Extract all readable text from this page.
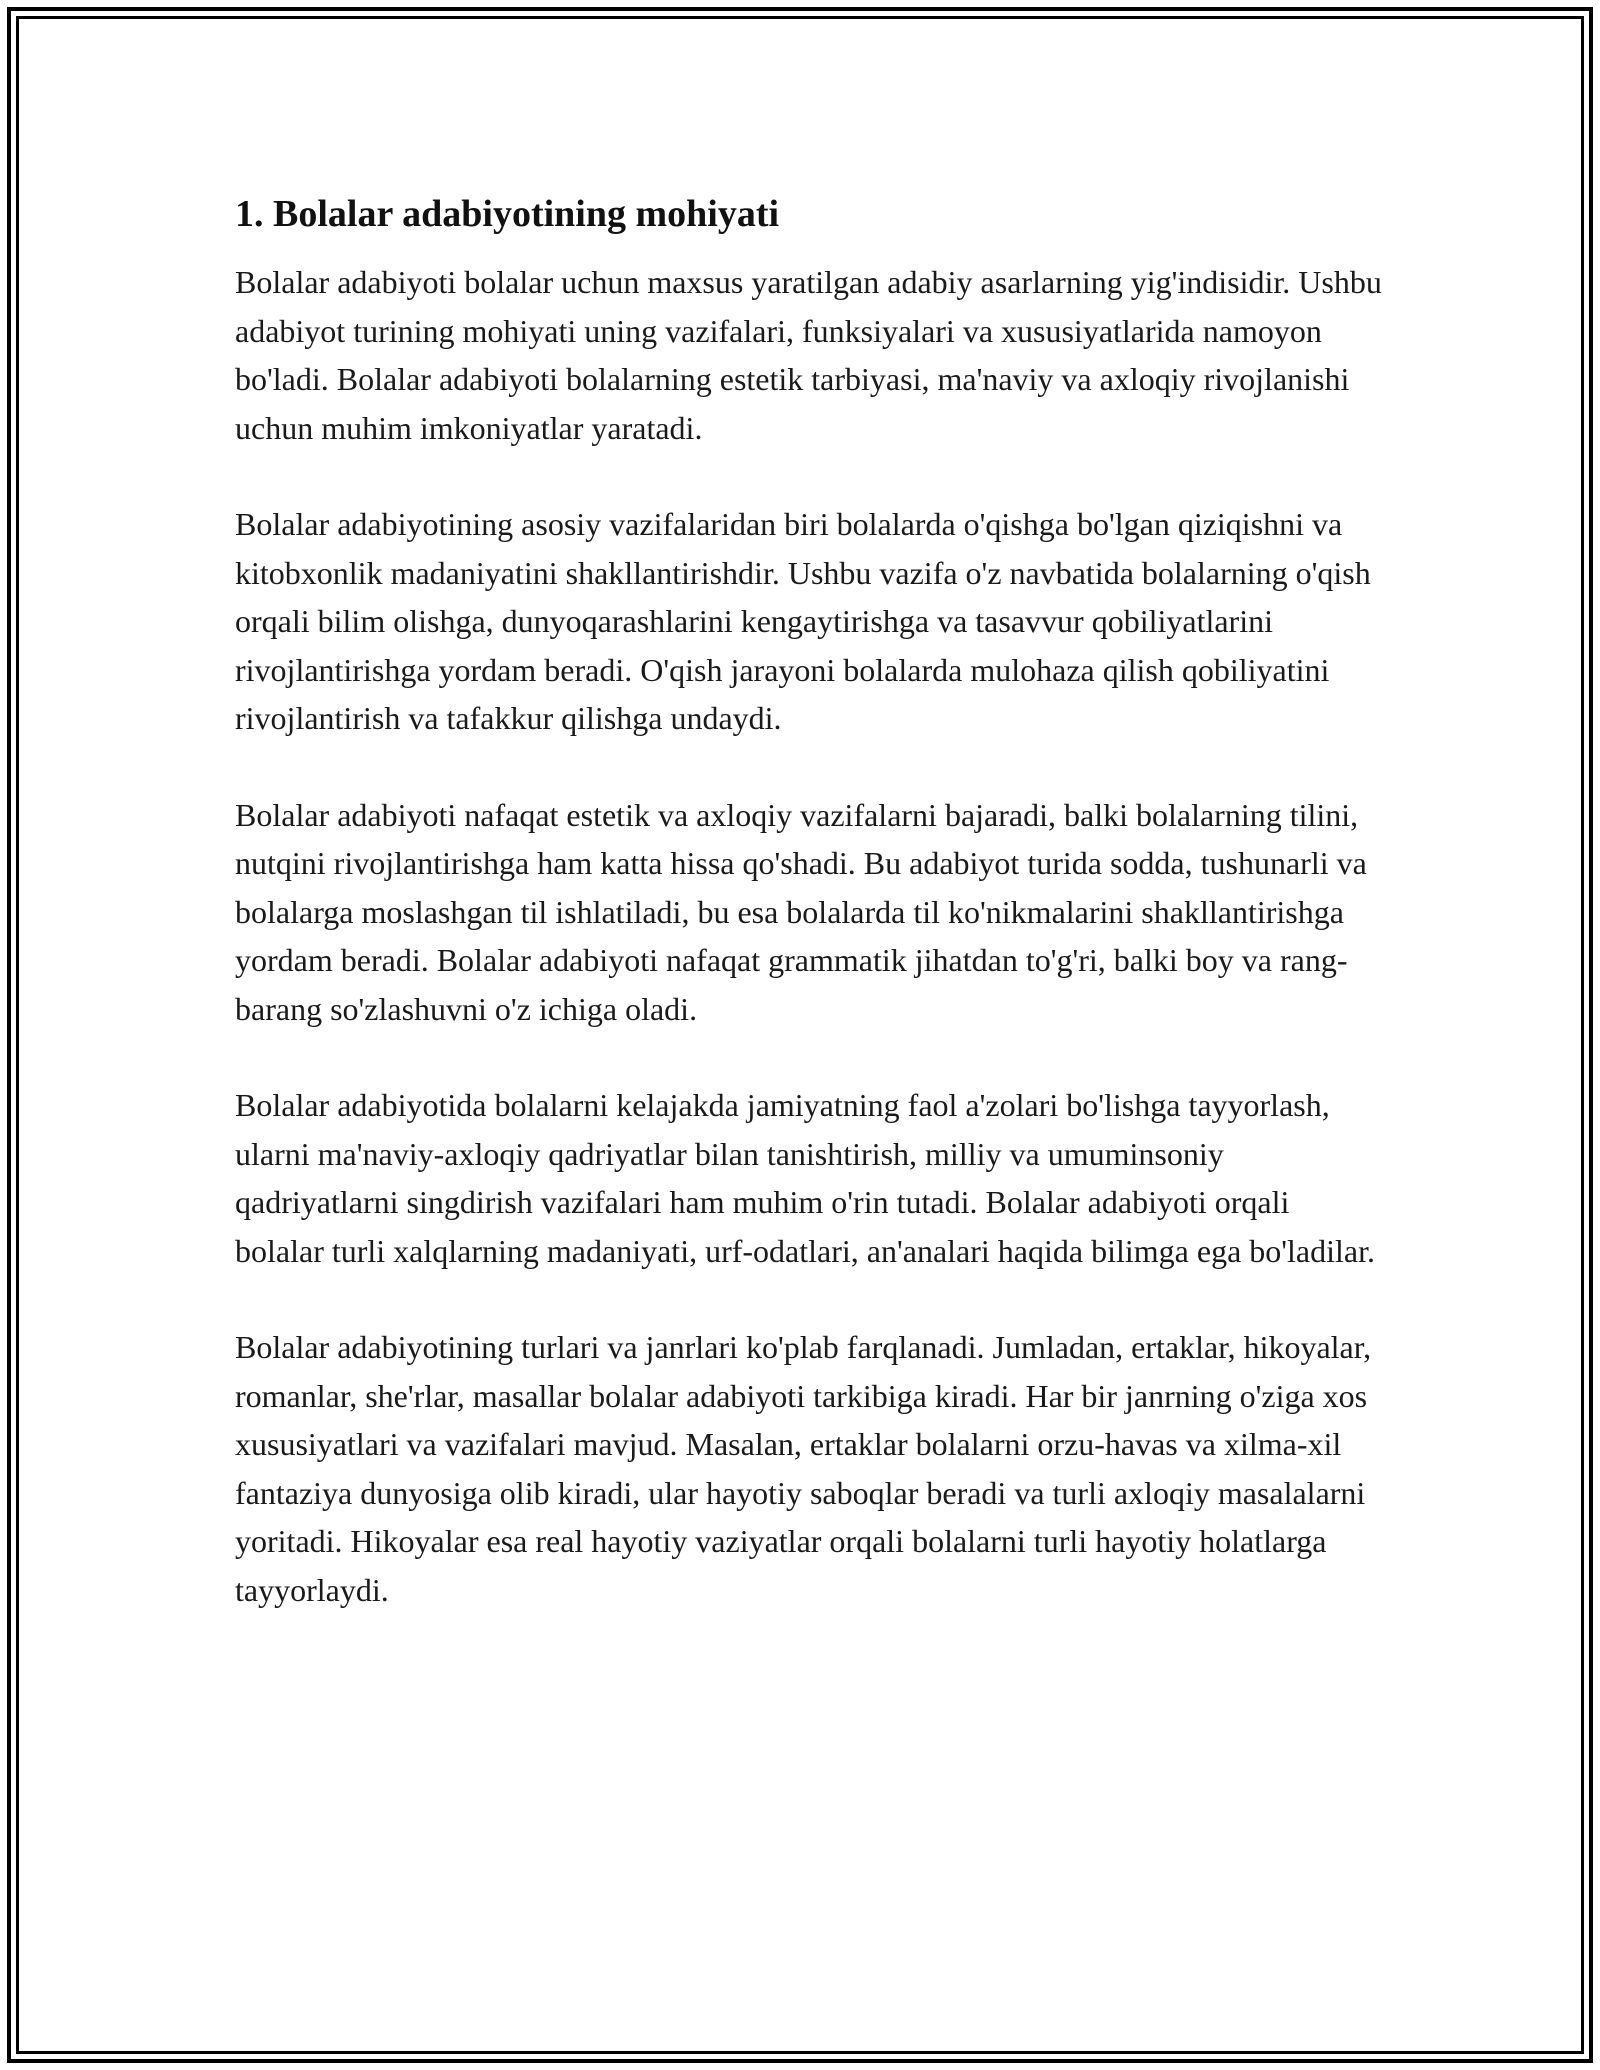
1. Bolalar adabiyotining mohiyati

Bolalar adabiyoti bolalar uchun maxsus yaratilgan adabiy asarlarning yig'indisidir. Ushbu adabiyot turining mohiyati uning vazifalari, funksiyalari va xususiyatlarida namoyon bo'ladi. Bolalar adabiyoti bolalarning estetik tarbiyasi, ma'naviy va axloqiy rivojlanishi uchun muhim imkoniyatlar yaratadi.

Bolalar adabiyotining asosiy vazifalaridan biri bolalarda o'qishga bo'lgan qiziqishni va kitobxonlik madaniyatini shakllantirishdir. Ushbu vazifa o'z navbatida bolalarning o'qish orqali bilim olishga, dunyoqarashlarini kengaytirishga va tasavvur qobiliyatlarini rivojlantirishga yordam beradi. O'qish jarayoni bolalarda mulohaza qilish qobiliyatini rivojlantirish va tafakkur qilishga undaydi.

Bolalar adabiyoti nafaqat estetik va axloqiy vazifalarni bajaradi, balki bolalarning tilini, nutqini rivojlantirishga ham katta hissa qo'shadi. Bu adabiyot turida sodda, tushunarli va bolalarga moslashgan til ishlatiladi, bu esa bolalarda til ko'nikmalarini shakllantirishga yordam beradi. Bolalar adabiyoti nafaqat grammatik jihatdan to'g'ri, balki boy va rang-barang so'zlashuvni o'z ichiga oladi.

Bolalar adabiyotida bolalarni kelajakda jamiyatning faol a'zolari bo'lishga tayyorlash, ularni ma'naviy-axloqiy qadriyatlar bilan tanishtirish, milliy va umuminsoniy qadriyatlarni singdirish vazifalari ham muhim o'rin tutadi. Bolalar adabiyoti orqali bolalar turli xalqlarning madaniyati, urf-odatlari, an'analari haqida bilimga ega bo'ladilar.

Bolalar adabiyotining turlari va janrlari ko'plab farqlanadi. Jumladan, ertaklar, hikoyalar, romanlar, she'rlar, masallar bolalar adabiyoti tarkibiga kiradi. Har bir janrning o'ziga xos xususiyatlari va vazifalari mavjud. Masalan, ertaklar bolalarni orzu-havas va xilma-xil fantaziya dunyosiga olib kiradi, ular hayotiy saboqlar beradi va turli axloqiy masalalarni yoritadi. Hikoyalar esa real hayotiy vaziyatlar orqali bolalarni turli hayotiy holatlarga tayyorlaydi.
